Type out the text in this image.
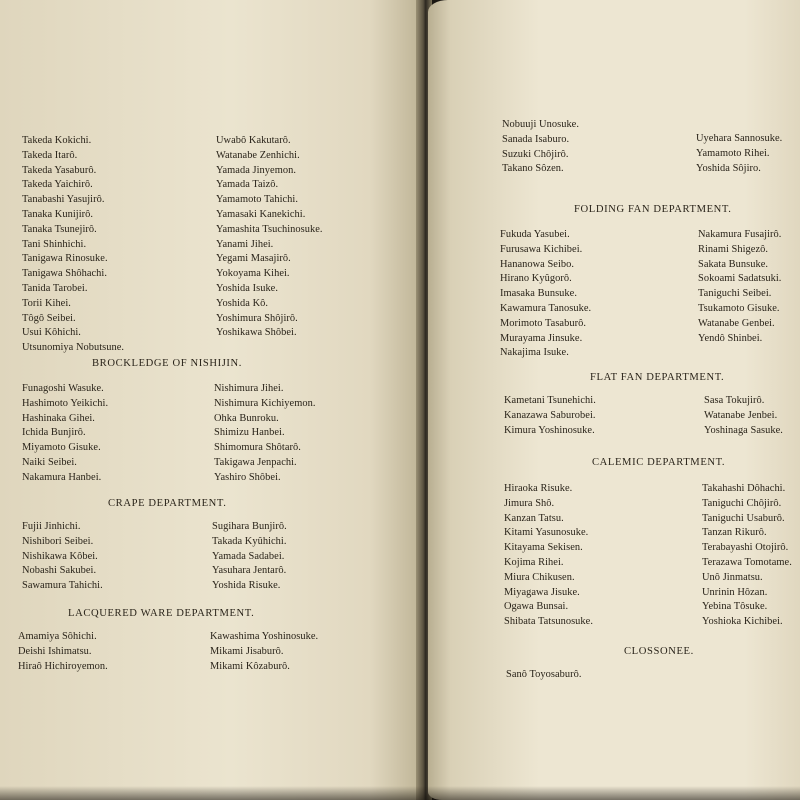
Takeda Kokichi.
Takeda Itarô.
Takeda Yasaburô.
Takeda Yaichirô.
Tanabashi Yasujirô.
Tanaka Kunijirô.
Tanaka Tsunejirô.
Tani Shinhichi.
Tanigawa Rinosuke.
Tanigawa Shôhachi.
Tanida Tarobei.
Torii Kihei.
Tôgô Seibei.
Usui Kôhichi.
Utsunomiya Nobutsune.
Uwabô Kakutarô.
Watanabe Zenhichi.
Yamada Jinyemon.
Yamada Taizô.
Yamamoto Tahichi.
Yamasaki Kanekichi.
Yamashita Tsuchinosuke.
Yanami Jihei.
Yegami Masajirô.
Yokoyama Kihei.
Yoshida Isuke.
Yoshida Kô.
Yoshimura Shôjirô.
Yoshikawa Shôbei.
BROCKLEDGE OF NISHIJIN.
Funagoshi Wasuke.
Hashimoto Yeikichi.
Hashinaka Gihei.
Ichida Bunjirô.
Miyamoto Gisuke.
Naiki Seibei.
Nakamura Hanbei.
Nishimura Jihei.
Nishimura Kichiyemon.
Ohka Bunroku.
Shimizu Hanbei.
Shimomura Shôtarô.
Takigawa Jenpachi.
Yashiro Shôbei.
CRAPE DEPARTMENT.
Fujii Jinhichi.
Nishibori Seibei.
Nishikawa Kôbei.
Nobashi Sakubei.
Sawamura Tahichi.
Sugihara Bunjirô.
Takada Kyûhichi.
Yamada Sadabei.
Yasuhara Jentarô.
Yoshida Risuke.
LACQUERED WARE DEPARTMENT.
Amamiya Sôhichi.
Deishi Ishimatsu.
Hiraô Hichiroyemon.
Kawashima Yoshinosuke.
Mikami Jisaburô.
Mikami Kôzaburô.
Nobuuji Unosuke.
Sanada Isaburo.
Suzuki Chôjirô.
Takano Sôzen.
Uyehara Sannosuke.
Yamamoto Rihei.
Yoshida Sôjiro.
FOLDING FAN DEPARTMENT.
Fukuda Yasubei.
Furusawa Kichibei.
Hananowa Seibo.
Hirano Kyûgorô.
Imasaka Bunsuke.
Kawamura Tanosuke.
Morimoto Tasaburô.
Murayama Jinsuke.
Nakajima Isuke.
Nakamura Fusajirô.
Rinami Shigezô.
Sakata Bunsuke.
Sokoami Sadatsuki.
Taniguchi Seibei.
Tsukamoto Gisuke.
Watanabe Genbei.
Yendô Shinbei.
FLAT FAN DEPARTMENT.
Kametani Tsunehichi.
Kanazawa Saburobei.
Kimura Yoshinosuke.
Sasa Tokujirô.
Watanabe Jenbei.
Yoshinaga Sasuke.
CALEMIC DEPARTMENT.
Hiraoka Risuke.
Jimura Shô.
Kanzan Tatsu.
Kitami Yasunosuke.
Kitayama Sekisen.
Kojima Rihei.
Miura Chikusen.
Miyagawa Jisuke.
Ogawa Bunsai.
Shibata Tatsunosuke.
Takahashi Dôhachi.
Taniguchi Chôjirô.
Taniguchi Usaburô.
Tanzan Rikurô.
Terabayashi Otojirô.
Terazawa Tomotame.
Unô Jinmatsu.
Unrinin Hôzan.
Yebina Tôsuke.
Yoshioka Kichibei.
CLOSSONEE.
Sanô Toyosaburô.
